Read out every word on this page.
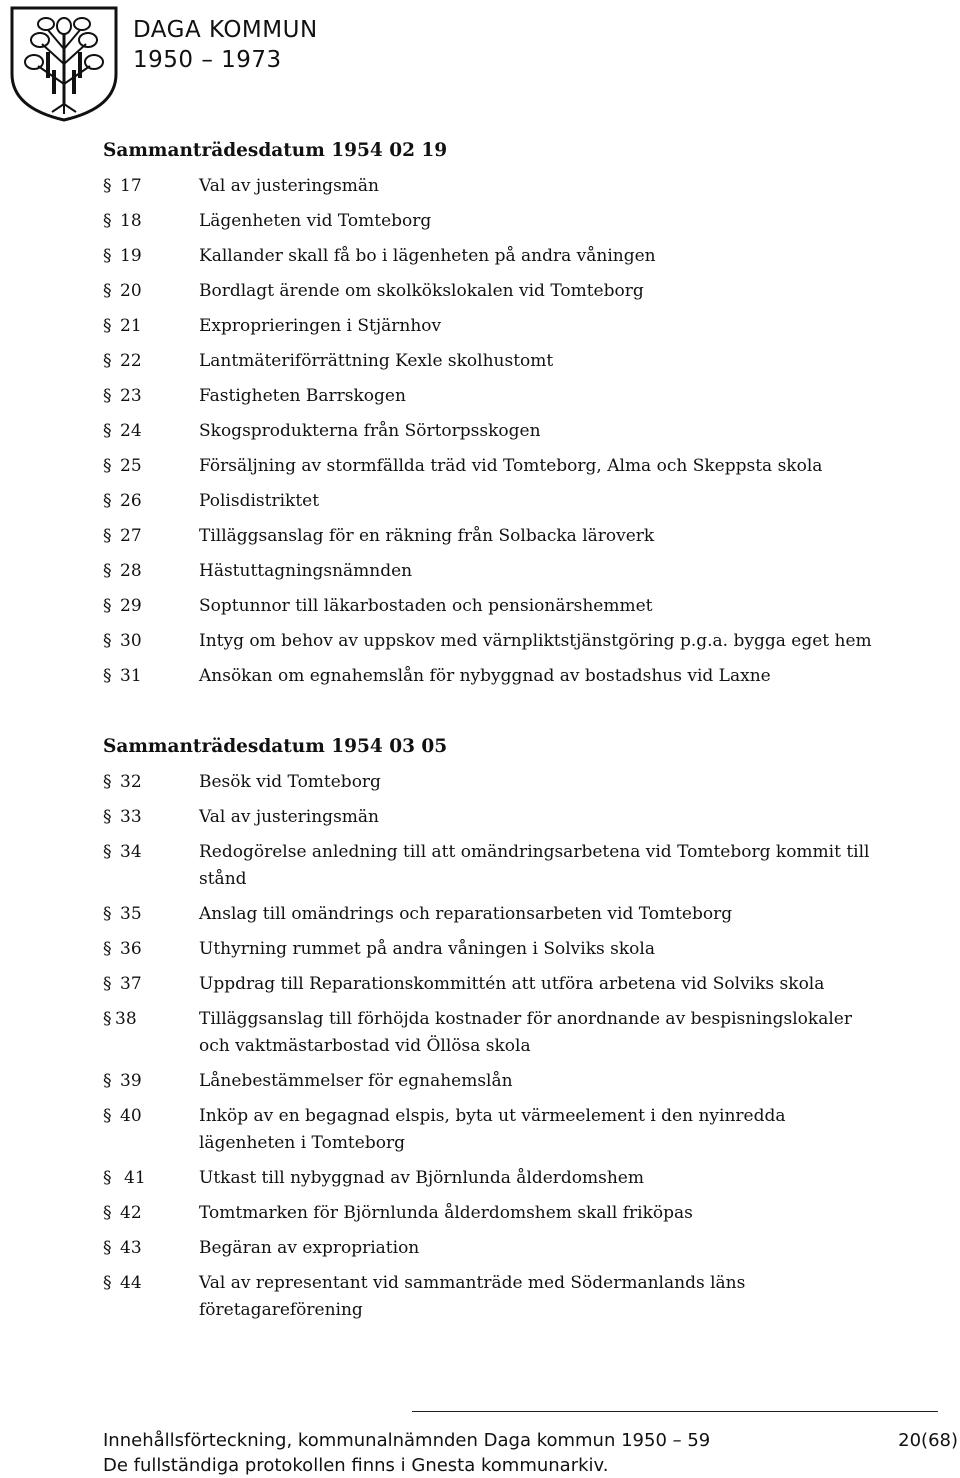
DAGA KOMMUN
1950 – 1973
Sammanträdesdatum 1954 02 19
§ 17	Val av justeringsmän
§ 18	Lägenheten vid Tomteborg
§ 19	Kallander skall få bo i lägenheten på andra våningen
§ 20	Bordlagt ärende om skolkökslokalen vid Tomteborg
§ 21	Exproprieringen i Stjärnhov
§ 22	Lantmäteriförrättning Kexle skolhustomt
§ 23	Fastigheten Barrskogen
§ 24	Skogsprodukterna från Sörtorpsskogen
§ 25	Försäljning av stormfällda träd vid Tomteborg, Alma och Skeppsta skola
§ 26	Polisdistriktet
§ 27	Tilläggsanslag för en räkning från Solbacka läroverk
§ 28	Hästuttagningsnämnden
§ 29	Soptunnor till läkarbostaden och pensionärshemmet
§ 30	Intyg om behov av uppskov med värnpliktstjänstgöring p.g.a. bygga eget hem
§ 31	Ansökan om egnahemslån för nybyggnad av bostadshus vid Laxne
Sammanträdesdatum 1954 03 05
§ 32	Besök vid Tomteborg
§ 33	Val av justeringsmän
§ 34	Redogörelse anledning till att omändringsarbetena vid Tomteborg kommit till stånd
§ 35	Anslag till omändrings och reparationsarbeten vid Tomteborg
§ 36	Uthyrning rummet på andra våningen i Solviks skola
§ 37	Uppdrag till Reparationskommittén att utföra arbetena vid Solviks skola
§ 38	Tilläggsanslag till förhöjda kostnader för anordnande av bespisningslokaler och vaktmästarbostad vid Öllösa skola
§ 39	Lånebestämmelser för egnahemslån
§ 40	Inköp av en begagnad elspis, byta ut värmeelement i den nyinredda lägenheten i Tomteborg
§ 41	Utkast till nybyggnad av Björnlunda ålderdomshem
§ 42	Tomtmarken för Björnlunda ålderdomshem skall friköpas
§ 43	Begäran av expropriation
§ 44	Val av representant vid sammanträde med Södermanlands läns företagareförening
Innehållsförteckning, kommunalnämnden Daga kommun 1950 – 59	20(68)
De fullständiga protokollen finns i Gnesta kommunarkiv.
